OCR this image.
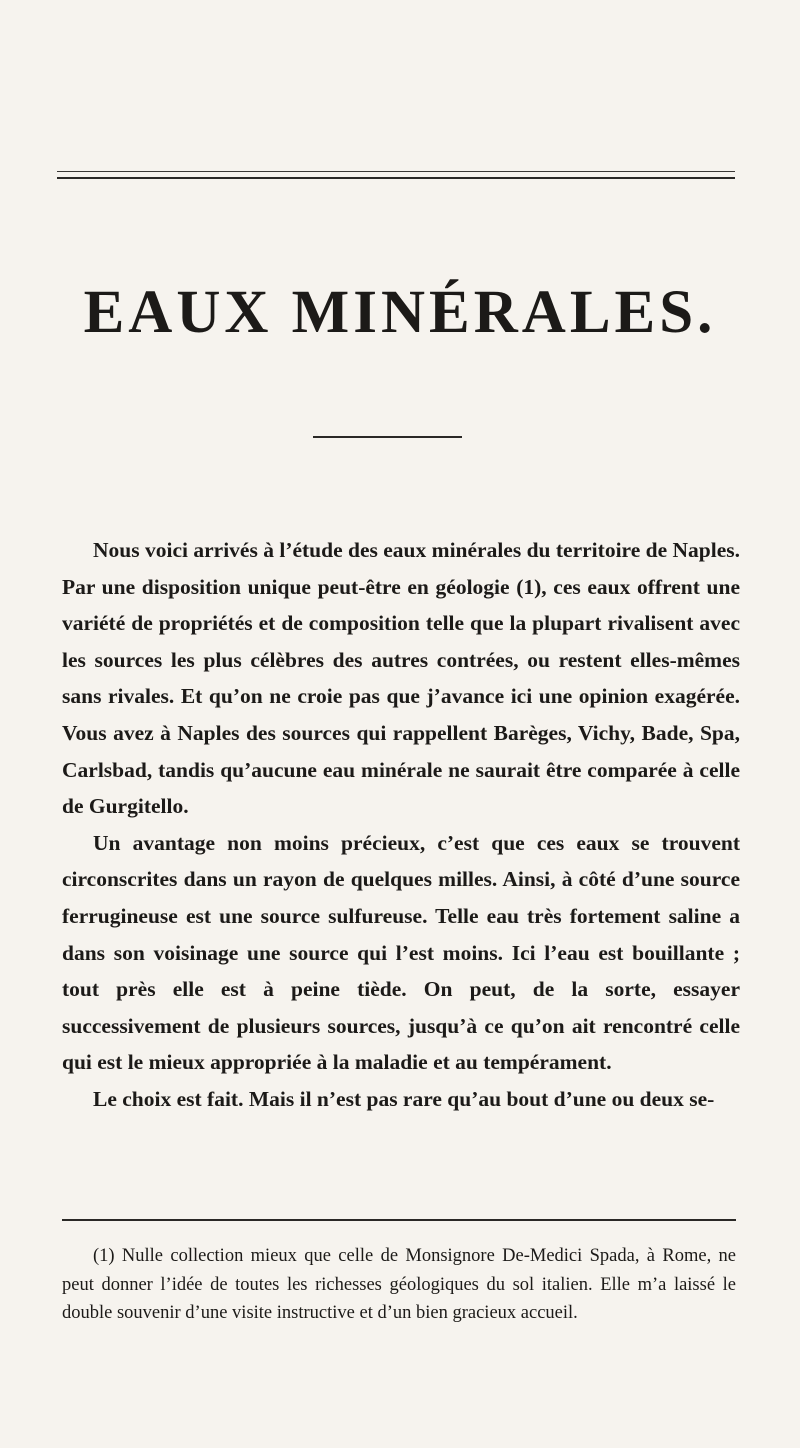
EAUX MINÉRALES.

Nous voici arrivés à l’étude des eaux minérales du territoire de Naples. Par une disposition unique peut-être en géologie (1), ces eaux offrent une variété de propriétés et de composition telle que la plupart rivalisent avec les sources les plus célèbres des autres contrées, ou restent elles-mêmes sans rivales. Et qu’on ne croie pas que j’avance ici une opinion exagérée. Vous avez à Naples des sources qui rappellent Barèges, Vichy, Bade, Spa, Carlsbad, tandis qu’aucune eau minérale ne saurait être comparée à celle de Gurgitello.

Un avantage non moins précieux, c’est que ces eaux se trouvent circonscrites dans un rayon de quelques milles. Ainsi, à côté d’une source ferrugineuse est une source sulfureuse. Telle eau très fortement saline a dans son voisinage une source qui l’est moins. Ici l’eau est bouillante ; tout près elle est à peine tiède. On peut, de la sorte, essayer successivement de plusieurs sources, jusqu’à ce qu’on ait rencontré celle qui est le mieux appropriée à la maladie et au tempérament.

Le choix est fait. Mais il n’est pas rare qu’au bout d’une ou deux se-

(1) Nulle collection mieux que celle de Monsignore De-Medici Spada, à Rome, ne peut donner l’idée de toutes les richesses géologiques du sol italien. Elle m’a laissé le double souvenir d’une visite instructive et d’un bien gracieux accueil.
